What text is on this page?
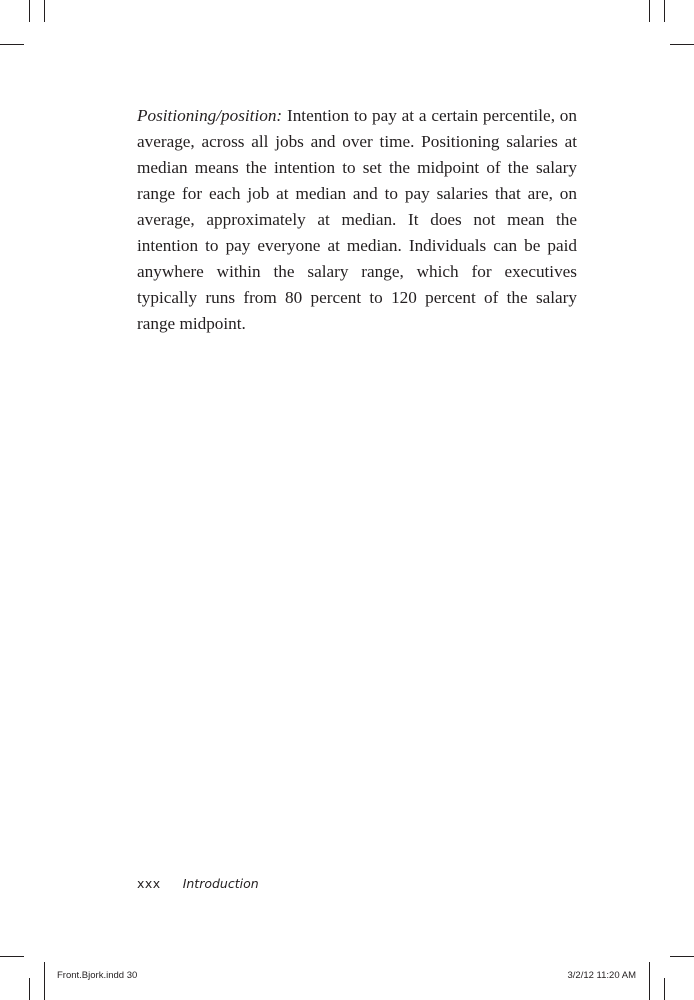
Positioning/position: Intention to pay at a certain percentile, on average, across all jobs and over time. Positioning salaries at median means the intention to set the midpoint of the salary range for each job at median and to pay salaries that are, on average, approximately at median. It does not mean the intention to pay everyone at median. Individuals can be paid anywhere within the salary range, which for executives typically runs from 80 percent to 120 percent of the salary range midpoint.

xxx Introduction
Front.Bjork.indd 30	3/2/12 11:20 AM
